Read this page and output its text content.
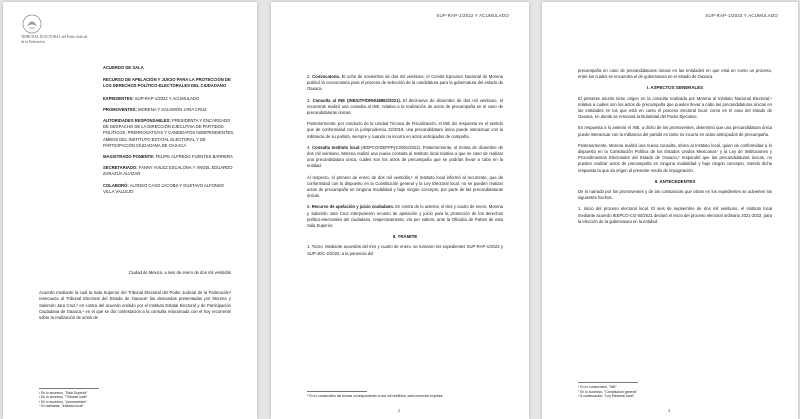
TRIBUNAL ELECTORAL del Poder Judicial de la Federación
ACUERDO DE SALA
RECURSO DE APELACIÓN Y JUICIO PARA LA PROTECCIÓN DE LOS DERECHOS POLÍTICO-ELECTORALES DEL CIUDADANO
EXPEDIENTES: SUP-RAP-1/2022 Y ACUMULADO
PROMOVENTES: MORENA Y SALOMÓN JARA CRUZ
AUTORIDADES RESPONSABLES: PRESIDENTA Y ENCARGADO DE DESPACHO DE LA DIRECCIÓN EJECUTIVA DE PARTIDOS POLÍTICOS, PRERROGATIVAS Y CANDIDATOS INDEPENDIENTES, AMBOS DEL INSTITUTO ESTATAL ELECTORAL Y DE PARTICIPACIÓN CIUDADANA DE OAXACA
MAGISTRADO PONENTE: FELIPE ALFREDO FUENTES BARRERA
SECRETARIADO: FANNY AVILEZ ESCALONA Y ÁNGEL EDUARDO ZARAZÚA ALVIZAR
COLABORÓ: ALONSO CASO JACOBS Y GUSTAVO ALFONSO VILLA VALLEJO

Ciudad de México, a seis de enero de dos mil veintidós

Acuerdo mediante la cual la Sala Superior del Tribunal Electoral del Poder Judicial de la Federación¹ reencauza al Tribunal Electoral del Estado de Oaxaca² las demandas presentadas por Morena y Salomón Jara Cruz,³ en contra del acuerdo emitido por el Instituto Estatal Electoral y de Participación Ciudadana de Oaxaca,⁴ en el que se dio contestación a la consulta relacionada con el hoy recurrente sobre la realización de actos de

¹ En lo sucesivo, "Sala Superior".
² En lo sucesivo, "Tribunal local".
³ En lo sucesivo, "promoventes".
⁴ En adelante, "Instituto local".
SUP-RAP-1/2022 Y ACUMULADO

2. Convocatoria. El ocho de noviembre de dos mil veintiuno, el Comité Ejecutivo Nacional de Morena publicó la convocatoria para el proceso de selección de la candidatura para la gubernatura del estado de Oaxaca.

3. Consulta al INE (INE/UTF/DRN/48862/2021). El decinueve de diciembre de dos mil veintiuno, el recurrente realizó una consulta al INE, relativa a la realización de actos de precampaña en el caso de precandidaturas únicas.

Posteriormente, por conducto de la Unidad Técnica de Fiscalización, el INE dio respuesta en el sentido que de conformidad con la jurisprudencia 32/2016, una precandidatura única puede interactuar con la militancia de su partido, siempre y cuando no incurra en actos anticipados de campaña.

4. Consulta Instituto local (IEEPCO/DEPPPyCI/001/2022). Posteriormente, el treinta de diciembre de dos mil veintiuno, Morena realizó una nueva consulta al Instituto local relativa a que se caso de realizar una precandidatura única, cuáles son los actos de precampaña que se podrían llevar a cabo en la entidad.

Al respecto, el primero de enero de dos mil veintidós,⁵ el Instituto local informó al recurrente, que de conformidad con lo dispuesto en la Constitución general y la Ley Electoral local, no se pueden realizar actos de precampaña en ninguna modalidad y bajo ningún concepto, por parte de las precandidaturas únicas.

5. Recurso de apelación y juicio ciudadano. En contra de lo anterior, el tres y cuatro de enero, Morena y Salomón Jara Cruz interpusieron recurso de apelación y juicio para la protección de los derechos político-electorales del ciudadano, respectivamente, vía per saltum, ante la Oficialía de Partes de esta Sala Superior.

II. TRÁMITE

1. Turno. Mediante acuerdos del tres y cuatro de enero, se turnaron los expedientes SUP-RAP-1/2022 y SUP-JDC-2/2022, a la ponencia del

⁵ En lo consecutivo las fechas corresponderán a dos mil veintidós, salvo mención expresa.
2
SUP-RAP-1/2022 Y ACUMULADO

precampaña en caso de precandidaturas únicas en las entidades en que está en curso un proceso, entre los cuales se encuentra el de gubernatura en el estado de Oaxaca.

I. ASPECTOS GENERALES

El presente asunto tiene origen en la consulta realizada por Morena al Instituto Nacional Electoral,⁶ relativa a cuáles son los actos de precampaña que pueden llevar a cabo las precandidaturas únicas en las entidades en los que está en curso el proceso electoral local, como es el caso del estado de Oaxaca, en donde se renovará la titularidad del Poder Ejecutivo.

En respuesta a lo anterior el INE, a dicho de los promoventes, determinó que una precandidatura única puede interactuar con la militancia del partido en tanto no incurra en actos anticipados de precampaña.

Posteriormente, Morena realizó una nueva consulta, ahora al Instituto local, quien de conformidad a lo dispuesto en la Constitución Política de los Estados Unidos Mexicanos⁷ y la Ley de Instituciones y Procedimientos Electorales del Estado de Oaxaca,⁸ respondió que las precandidaturas únicas, no pueden realizar actos de precampaña en ninguna modalidad y bajo ningún concepto. Siendo dicha respuesta la que da origen al presente medio de impugnación.

II. ANTECEDENTES

De lo narrado por los promoventes y de las constancias que obran en los expedientes se advierten los siguientes hechos:

1. Inicio del proceso electoral local. El seis de septiembre de dos mil veintiuno, el Instituto local mediante acuerdo IEEPCO-CG-04/2021 declaró el inicio del proceso electoral ordinario 2021-2022, para la elección de la gubernatura en la entidad.

⁶ En lo consecutivo, "INE".
⁷ En lo sucesivo, "Constitución general".
⁸ A continuación, "Ley Electoral local".
3
